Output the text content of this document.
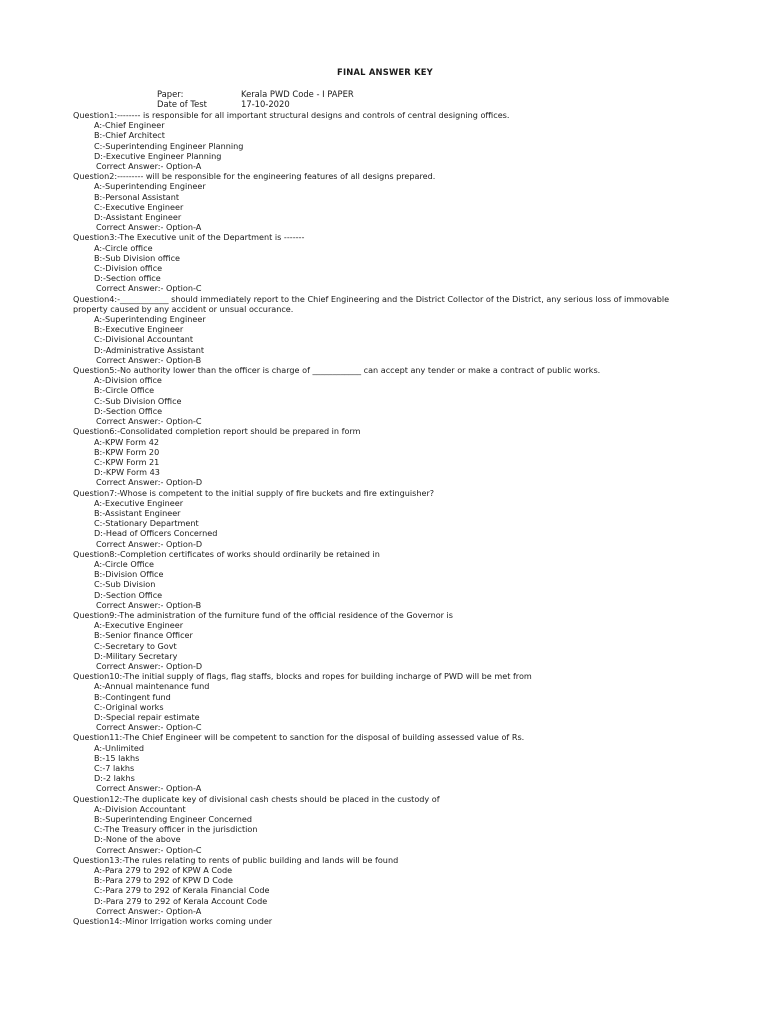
FINAL ANSWER KEY
Paper:	Kerala PWD Code - I PAPER
Date of Test	17-10-2020
Question1:-------- is responsible for all important structural designs and controls of central designing offices.
A:-Chief Engineer
B:-Chief Architect
C:-Superintending Engineer Planning
D:-Executive Engineer Planning
Correct Answer:- Option-A
Question2:--------- will be responsible for the engineering features of all designs prepared.
A:-Superintending Engineer
B:-Personal Assistant
C:-Executive Engineer
D:-Assistant Engineer
Correct Answer:- Option-A
Question3:-The Executive unit of the Department is -------
A:-Circle office
B:-Sub Division office
C:-Division office
D:-Section office
Correct Answer:- Option-C
Question4:-____________ should immediately report to the Chief Engineering and the District Collector of the District, any serious loss of immovable property caused by any accident or unsual occurance.
A:-Superintending Engineer
B:-Executive Engineer
C:-Divisional Accountant
D:-Administrative Assistant
Correct Answer:- Option-B
Question5:-No authority lower than the officer is charge of ____________ can accept any tender or make a contract of public works.
A:-Division office
B:-Circle Office
C:-Sub Division Office
D:-Section Office
Correct Answer:- Option-C
Question6:-Consolidated completion report should be prepared in form
A:-KPW Form 42
B:-KPW Form 20
C:-KPW Form 21
D:-KPW Form 43
Correct Answer:- Option-D
Question7:-Whose is competent to the initial supply of fire buckets and fire extinguisher?
A:-Executive Engineer
B:-Assistant Engineer
C:-Stationary Department
D:-Head of Officers Concerned
Correct Answer:- Option-D
Question8:-Completion certificates of works should ordinarily be retained in
A:-Circle Office
B:-Division Office
C:-Sub Division
D:-Section Office
Correct Answer:- Option-B
Question9:-The administration of the furniture fund of the official residence of the Governor is
A:-Executive Engineer
B:-Senior finance Officer
C:-Secretary to Govt
D:-Military Secretary
Correct Answer:- Option-D
Question10:-The initial supply of flags, flag staffs, blocks and ropes for building incharge of PWD will be met from
A:-Annual maintenance fund
B:-Contingent fund
C:-Original works
D:-Special repair estimate
Correct Answer:- Option-C
Question11:-The Chief Engineer will be competent to sanction for the disposal of building assessed value of Rs.
A:-Unlimited
B:-15 lakhs
C:-7 lakhs
D:-2 lakhs
Correct Answer:- Option-A
Question12:-The duplicate key of divisional cash chests should be placed in the custody of
A:-Division Accountant
B:-Superintending Engineer Concerned
C:-The Treasury officer in the jurisdiction
D:-None of the above
Correct Answer:- Option-C
Question13:-The rules relating to rents of public building and lands will be found
A:-Para 279 to 292 of KPW A Code
B:-Para 279 to 292 of KPW D Code
C:-Para 279 to 292 of Kerala Financial Code
D:-Para 279 to 292 of Kerala Account Code
Correct Answer:- Option-A
Question14:-Minor Irrigation works coming under
